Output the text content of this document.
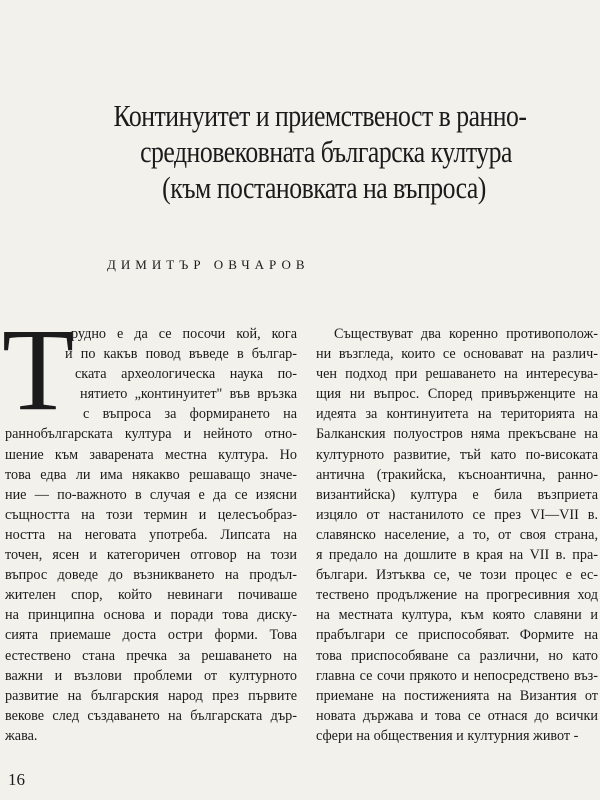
Континуитет и приемственост в ранно-
средновековната българска култура
(към постановката на въпроса)
ДИМИТЪР ОВЧАРОВ
Т
рудно е да се посочи кой, кога
и по какъв повод въведе в българ-
ската археологическа наука по-
нятието „континуитет" във връзка
с въпроса за формирането на
раннобългарската култура и нейното отно-
шение към заварената местна култура. Но
това едва ли има някакво решаващо значе-
ние — по-важното в случая е да се изясни
същността на този термин и целесъобраз-
ността на неговата употреба. Липсата на
точен, ясен и категоричен отговор на този
въпрос доведе до възникването на продъл-
жителен спор, който невинаги почиваше
на принципна основа и поради това диску-
сията приемаше доста остри форми. Това
естествено стана пречка за решаването на
важни и възлови проблеми от културното
развитие на българския народ през първите
векове след създаването на българската дър-
жава.
Съществуват два коренно противополож-
ни възгледа, които се основават на различ-
чен подход при решаването на интересува-
щия ни въпрос. Според привърженците на
идеята за континуитета на територията на
Балканския полуостров няма прекъсване на
културното развитие, тъй като по-високата
антична (тракийска, късноантична, ранно-
византийска) култура е била възприета
изцяло от настанилото се през VI—VII в.
славянско население, а то, от своя страна,
я предало на дошлите в края на VII в. пра-
българи. Изтъква се, че този процес е ес-
тествено продължение на прогресивния ход
на местната култура, към която славяни и
прабългари се приспособяват. Формите на
това приспособяване са различни, но като
главна се сочи прякото и непосредствено въз-
приемане на постиженията на Византия от
новата държава и това се отнася до всички
сфери на обществения и културния живот -
16
